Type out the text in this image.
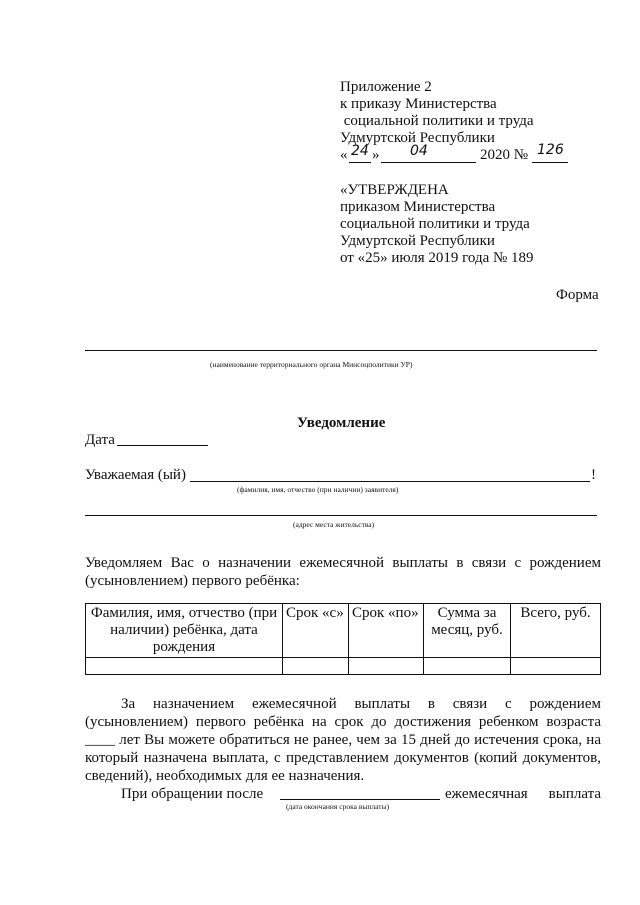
Приложение 2
к приказу Министерства
социальной политики и труда
Удмуртской Республики
« 24 » 04	2020 № 126
«УТВЕРЖДЕНА
приказом Министерства
социальной политики и труда
Удмуртской Республики
от «25» июля 2019 года № 189
Форма
(наименование территориального органа Минсоцполитики УР)
Уведомление
Дата
Уважаемая (ый)	!
(фамилия, имя, отчество (при наличии) заявителя)
(адрес места жительства)
Уведомляем Вас о назначении ежемесячной выплаты в связи с рождением (усыновлением) первого ребёнка:
Фамилия, имя, отчество (при наличии) ребёнка, дата рождения	Срок «с»	Срок «по»	Сумма за месяц, руб.	Всего, руб.

За назначением ежемесячной выплаты в связи с рождением (усыновлением) первого ребёнка на срок до достижения ребенком возраста
____ лет Вы можете обратиться не ранее, чем за 15 дней до истечения срока, на который назначена выплата, с представлением документов (копий документов, сведений), необходимых для ее назначения.
При обращении после	ежемесячная выплата
(дата окончания срока выплаты)
